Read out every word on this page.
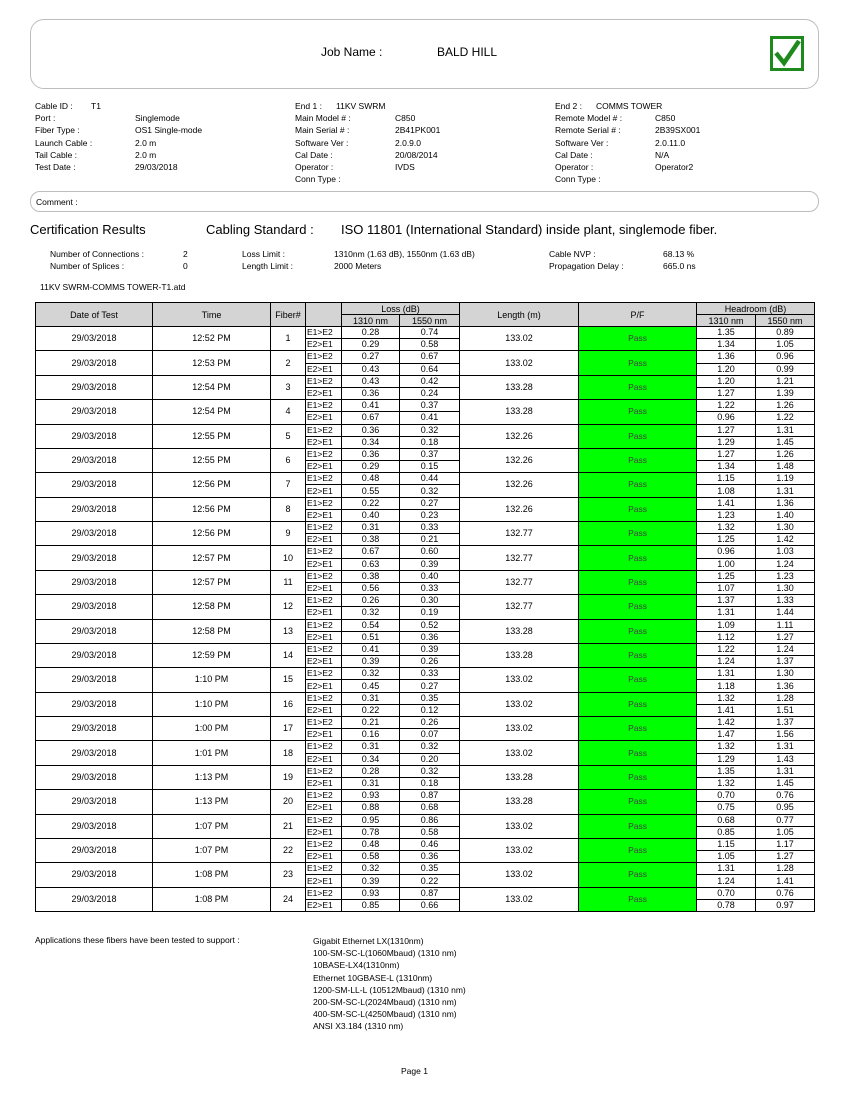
Job Name :	BALD HILL
Cable ID : T1
Port :	Singlemode
Fiber Type :	OS1 Single-mode
Launch Cable :	2.0 m
Tail Cable :	2.0 m
Test Date :	29/03/2018
End 1 : 11KV SWRM
Main Model # :	C850
Main Serial # :	2B41PK001
Software Ver :	2.0.9.0
Cal Date :	20/08/2014
Operator :	IVDS
Conn Type :
End 2 : COMMS TOWER
Remote Model # :	C850
Remote Serial # :	2B39SX001
Software Ver :	2.0.11.0
Cal Date :	N/A
Operator :	Operator2
Conn Type :
Comment :
Certification Results	Cabling Standard : ISO 11801 (International Standard) inside plant, singlemode fiber.
Number of Connections :	2
Number of Splices :	0
Loss Limit :	1310nm (1.63 dB), 1550nm (1.63 dB)
Length Limit :	2000 Meters
Cable NVP :	68.13 %
Propagation Delay :	665.0 ns
11KV SWRM-COMMS TOWER-T1.atd
Date of Test	Time	Fiber#		Loss (dB)		Length (m)	P/F	Headroom (dB)	
				1310 nm	1550 nm			1310 nm	1550 nm
29/03/2018	12:52 PM	1	E1>E2	0.28	0.74	133.02	Pass	1.35	0.89
			E2>E1	0.29	0.58			1.34	1.05
29/03/2018	12:53 PM	2	E1>E2	0.27	0.67	133.02	Pass	1.36	0.96
			E2>E1	0.43	0.64			1.20	0.99
29/03/2018	12:54 PM	3	E1>E2	0.43	0.42	133.28	Pass	1.20	1.21
			E2>E1	0.36	0.24			1.27	1.39
29/03/2018	12:54 PM	4	E1>E2	0.41	0.37	133.28	Pass	1.22	1.26
			E2>E1	0.67	0.41			0.96	1.22
29/03/2018	12:55 PM	5	E1>E2	0.36	0.32	132.26	Pass	1.27	1.31
			E2>E1	0.34	0.18			1.29	1.45
29/03/2018	12:55 PM	6	E1>E2	0.36	0.37	132.26	Pass	1.27	1.26
			E2>E1	0.29	0.15			1.34	1.48
29/03/2018	12:56 PM	7	E1>E2	0.48	0.44	132.26	Pass	1.15	1.19
			E2>E1	0.55	0.32			1.08	1.31
29/03/2018	12:56 PM	8	E1>E2	0.22	0.27	132.26	Pass	1.41	1.36
			E2>E1	0.40	0.23			1.23	1.40
29/03/2018	12:56 PM	9	E1>E2	0.31	0.33	132.77	Pass	1.32	1.30
			E2>E1	0.38	0.21			1.25	1.42
29/03/2018	12:57 PM	10	E1>E2	0.67	0.60	132.77	Pass	0.96	1.03
			E2>E1	0.63	0.39			1.00	1.24
29/03/2018	12:57 PM	11	E1>E2	0.38	0.40	132.77	Pass	1.25	1.23
			E2>E1	0.56	0.33			1.07	1.30
29/03/2018	12:58 PM	12	E1>E2	0.26	0.30	132.77	Pass	1.37	1.33
			E2>E1	0.32	0.19			1.31	1.44
29/03/2018	12:58 PM	13	E1>E2	0.54	0.52	133.28	Pass	1.09	1.11
			E2>E1	0.51	0.36			1.12	1.27
29/03/2018	12:59 PM	14	E1>E2	0.41	0.39	133.28	Pass	1.22	1.24
			E2>E1	0.39	0.26			1.24	1.37
29/03/2018	1:10 PM	15	E1>E2	0.32	0.33	133.02	Pass	1.31	1.30
			E2>E1	0.45	0.27			1.18	1.36
29/03/2018	1:10 PM	16	E1>E2	0.31	0.35	133.02	Pass	1.32	1.28
			E2>E1	0.22	0.12			1.41	1.51
29/03/2018	1:00 PM	17	E1>E2	0.21	0.26	133.02	Pass	1.42	1.37
			E2>E1	0.16	0.07			1.47	1.56
29/03/2018	1:01 PM	18	E1>E2	0.31	0.32	133.02	Pass	1.32	1.31
			E2>E1	0.34	0.20			1.29	1.43
29/03/2018	1:13 PM	19	E1>E2	0.28	0.32	133.28	Pass	1.35	1.31
			E2>E1	0.31	0.18			1.32	1.45
29/03/2018	1:13 PM	20	E1>E2	0.93	0.87	133.28	Pass	0.70	0.76
			E2>E1	0.88	0.68			0.75	0.95
29/03/2018	1:07 PM	21	E1>E2	0.95	0.86	133.02	Pass	0.68	0.77
			E2>E1	0.78	0.58			0.85	1.05
29/03/2018	1:07 PM	22	E1>E2	0.48	0.46	133.02	Pass	1.15	1.17
			E2>E1	0.58	0.36			1.05	1.27
29/03/2018	1:08 PM	23	E1>E2	0.32	0.35	133.02	Pass	1.31	1.28
			E2>E1	0.39	0.22			1.24	1.41
29/03/2018	1:08 PM	24	E1>E2	0.93	0.87	133.02	Pass	0.70	0.76
			E2>E1	0.85	0.66			0.78	0.97
Applications these fibers have been tested to support :	Gigabit Ethernet LX(1310nm)
100-SM-SC-L(1060Mbaud) (1310 nm)
10BASE-LX4(1310nm)
Ethernet 10GBASE-L (1310nm)
1200-SM-LL-L (10512Mbaud) (1310 nm)
200-SM-SC-L(2024Mbaud) (1310 nm)
400-SM-SC-L(4250Mbaud) (1310 nm)
ANSI X3.184 (1310 nm)
Page 1
